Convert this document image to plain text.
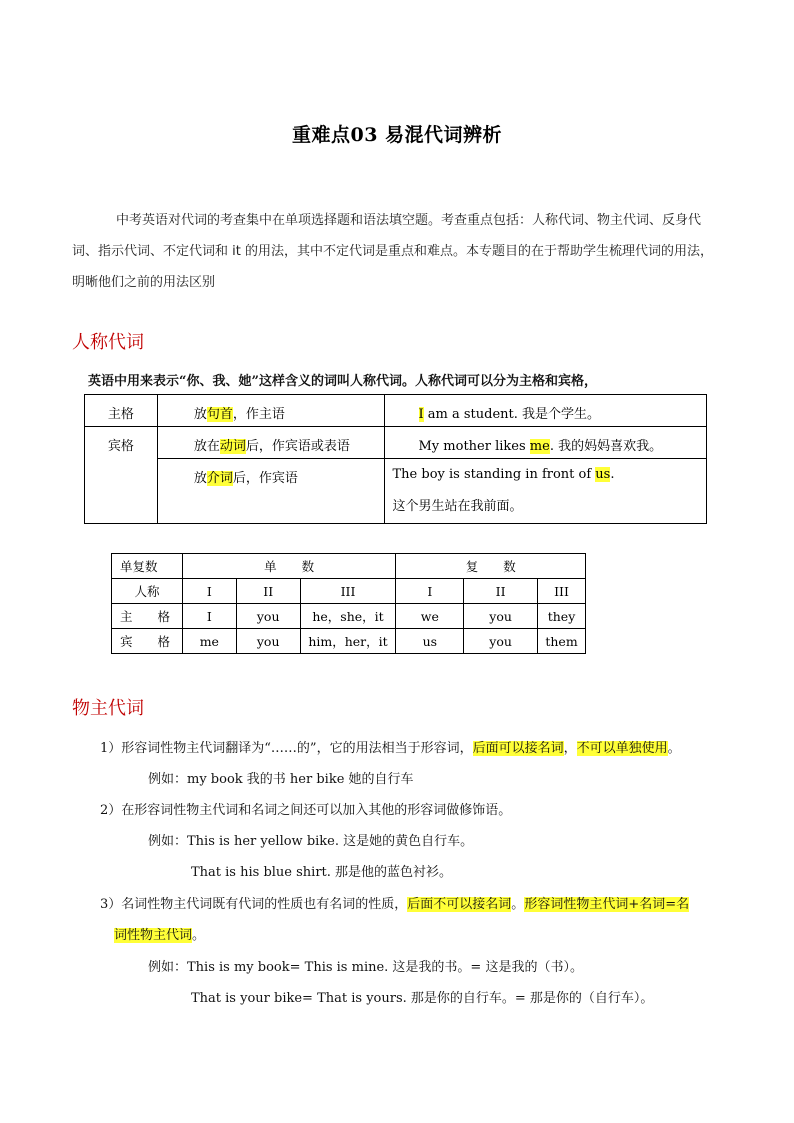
重难点03 易混代词辨析
中考英语对代词的考查集中在单项选择题和语法填空题。考查重点包括：人称代词、物主代词、反身代词、指示代词、不定代词和 it 的用法，其中不定代词是重点和难点。本专题目的在于帮助学生梳理代词的用法，明晰他们之前的用法区别
人称代词
英语中用来表示“你、我、她”这样含义的词叫人称代词。人称代词可以分为主格和宾格，
主格	放句首，作主语	I am a student. 我是个学生。
宾格	放在动词后，作宾语或表语	My mother likes me. 我的妈妈喜欢我。
	放介词后，作宾语	The boy is standing in front of us.
这个男生站在我前面。
单复数	单　　数			复　　数		
人称	I	II	III	I	II	III
主　　格	I	you	he，she，it	we	you	they
宾　　格	me	you	him，her，it	us	you	them
物主代词
1）形容词性物主代词翻译为“……的”，它的用法相当于形容词，后面可以接名词，不可以单独使用。
例如：my book 我的书 her bike 她的自行车
2）在形容词性物主代词和名词之间还可以加入其他的形容词做修饰语。
例如：This is her yellow bike. 这是她的黄色自行车。
That is his blue shirt. 那是他的蓝色衬衫。
3）名词性物主代词既有代词的性质也有名词的性质，后面不可以接名词。形容词性物主代词+名词=名
词性物主代词。
例如：This is my book= This is mine. 这是我的书。= 这是我的（书）。
That is your bike= That is yours. 那是你的自行车。= 那是你的（自行车）。
